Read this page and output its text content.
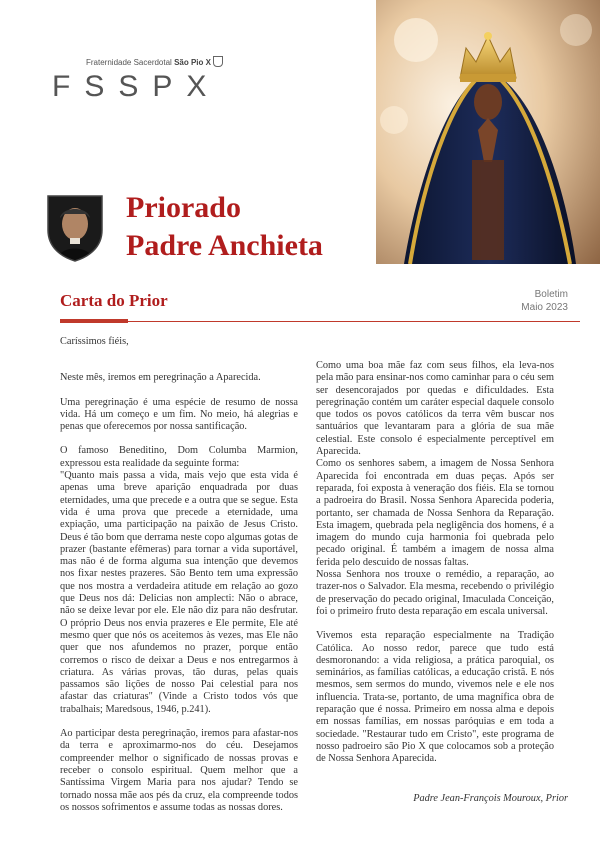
Fraternidade Sacerdotal São Pio X
FSSPX
Priorado
Padre Anchieta
Carta do Prior	Boletim
Maio 2023

Caríssimos fiéis,

Neste mês, iremos em peregrinação a Aparecida.

Uma peregrinação é uma espécie de resumo de nossa vida. Há um começo e um fim. No meio, há alegrias e penas que oferecemos por nossa santificação.

O famoso Beneditino, Dom Columba Marmion, expressou esta realidade da seguinte forma:

"Quanto mais passa a vida, mais vejo que esta vida é apenas uma breve aparição enquadrada por duas eternidades, uma que precede e a outra que se segue. Esta vida é uma prova que precede a eternidade, uma expiação, uma participação na paixão de Jesus Cristo. Deus é tão bom que derrama neste copo algumas gotas de prazer (bastante efêmeras) para tornar a vida suportável, mas não é de forma alguma sua intenção que devemos nos fixar nestes prazeres. São Bento tem uma expressão que nos mostra a verdadeira atitude em relação ao gozo que Deus nos dá: Delicias non amplecti: Não o abrace, não se deixe levar por ele. Ele não diz para não desfrutar. O próprio Deus nos envia prazeres e Ele permite, Ele até mesmo quer que nós os aceitemos às vezes, mas Ele não quer que nos afundemos no prazer, porque então corremos o risco de deixar a Deus e nos entregarmos à criatura. As várias provas, tão duras, pelas quais passamos são lições de nosso Pai celestial para nos afastar das criaturas" (Vinde a Cristo todos vós que trabalhais; Maredsous, 1946, p.241).

Ao participar desta peregrinação, iremos para afastar-nos da terra e aproximarmo-nos do céu. Desejamos compreender melhor o significado de nossas provas e receber o consolo espiritual. Quem melhor que a Santíssima Virgem Maria para nos ajudar? Tendo se tornado nossa mãe aos pés da cruz, ela compreende todos os nossos sofrimentos e assume todas as nossas dores.

Como uma boa mãe faz com seus filhos, ela leva-nos pela mão para ensinar-nos como caminhar para o céu sem ser desencorajados por quedas e dificuldades. Esta peregrinação contém um caráter especial daquele consolo que todos os povos católicos da terra vêm buscar nos santuários que levantaram para a glória de sua mãe celestial. Este consolo é especialmente perceptível em Aparecida.

Como os senhores sabem, a imagem de Nossa Senhora Aparecida foi encontrada em duas peças. Após ser reparada, foi exposta à veneração dos fiéis. Ela se tornou a padroeira do Brasil. Nossa Senhora Aparecida poderia, portanto, ser chamada de Nossa Senhora da Reparação. Esta imagem, quebrada pela negligência dos homens, é a imagem do mundo cuja harmonia foi quebrada pelo pecado original. É também a imagem de nossa alma ferida pelo descuido de nossas faltas.

Nossa Senhora nos trouxe o remédio, a reparação, ao trazer-nos o Salvador. Ela mesma, recebendo o privilégio de preservação do pecado original, Imaculada Conceição, foi o primeiro fruto desta reparação em escala universal.

Vivemos esta reparação especialmente na Tradição Católica. Ao nosso redor, parece que tudo está desmoronando: a vida religiosa, a prática paroquial, os seminários, as famílias católicas, a educação cristã. E nós mesmos, sem sermos do mundo, vivemos nele e ele nos influencia. Trata-se, portanto, de uma magnífica obra de reparação que é nossa. Primeiro em nossa alma e depois em nossas famílias, em nossas paróquias e em toda a sociedade. "Restaurar tudo em Cristo", este programa de nosso padroeiro são Pio X que colocamos sob a proteção de Nossa Senhora Aparecida.

Padre Jean-François Mouroux, Prior
